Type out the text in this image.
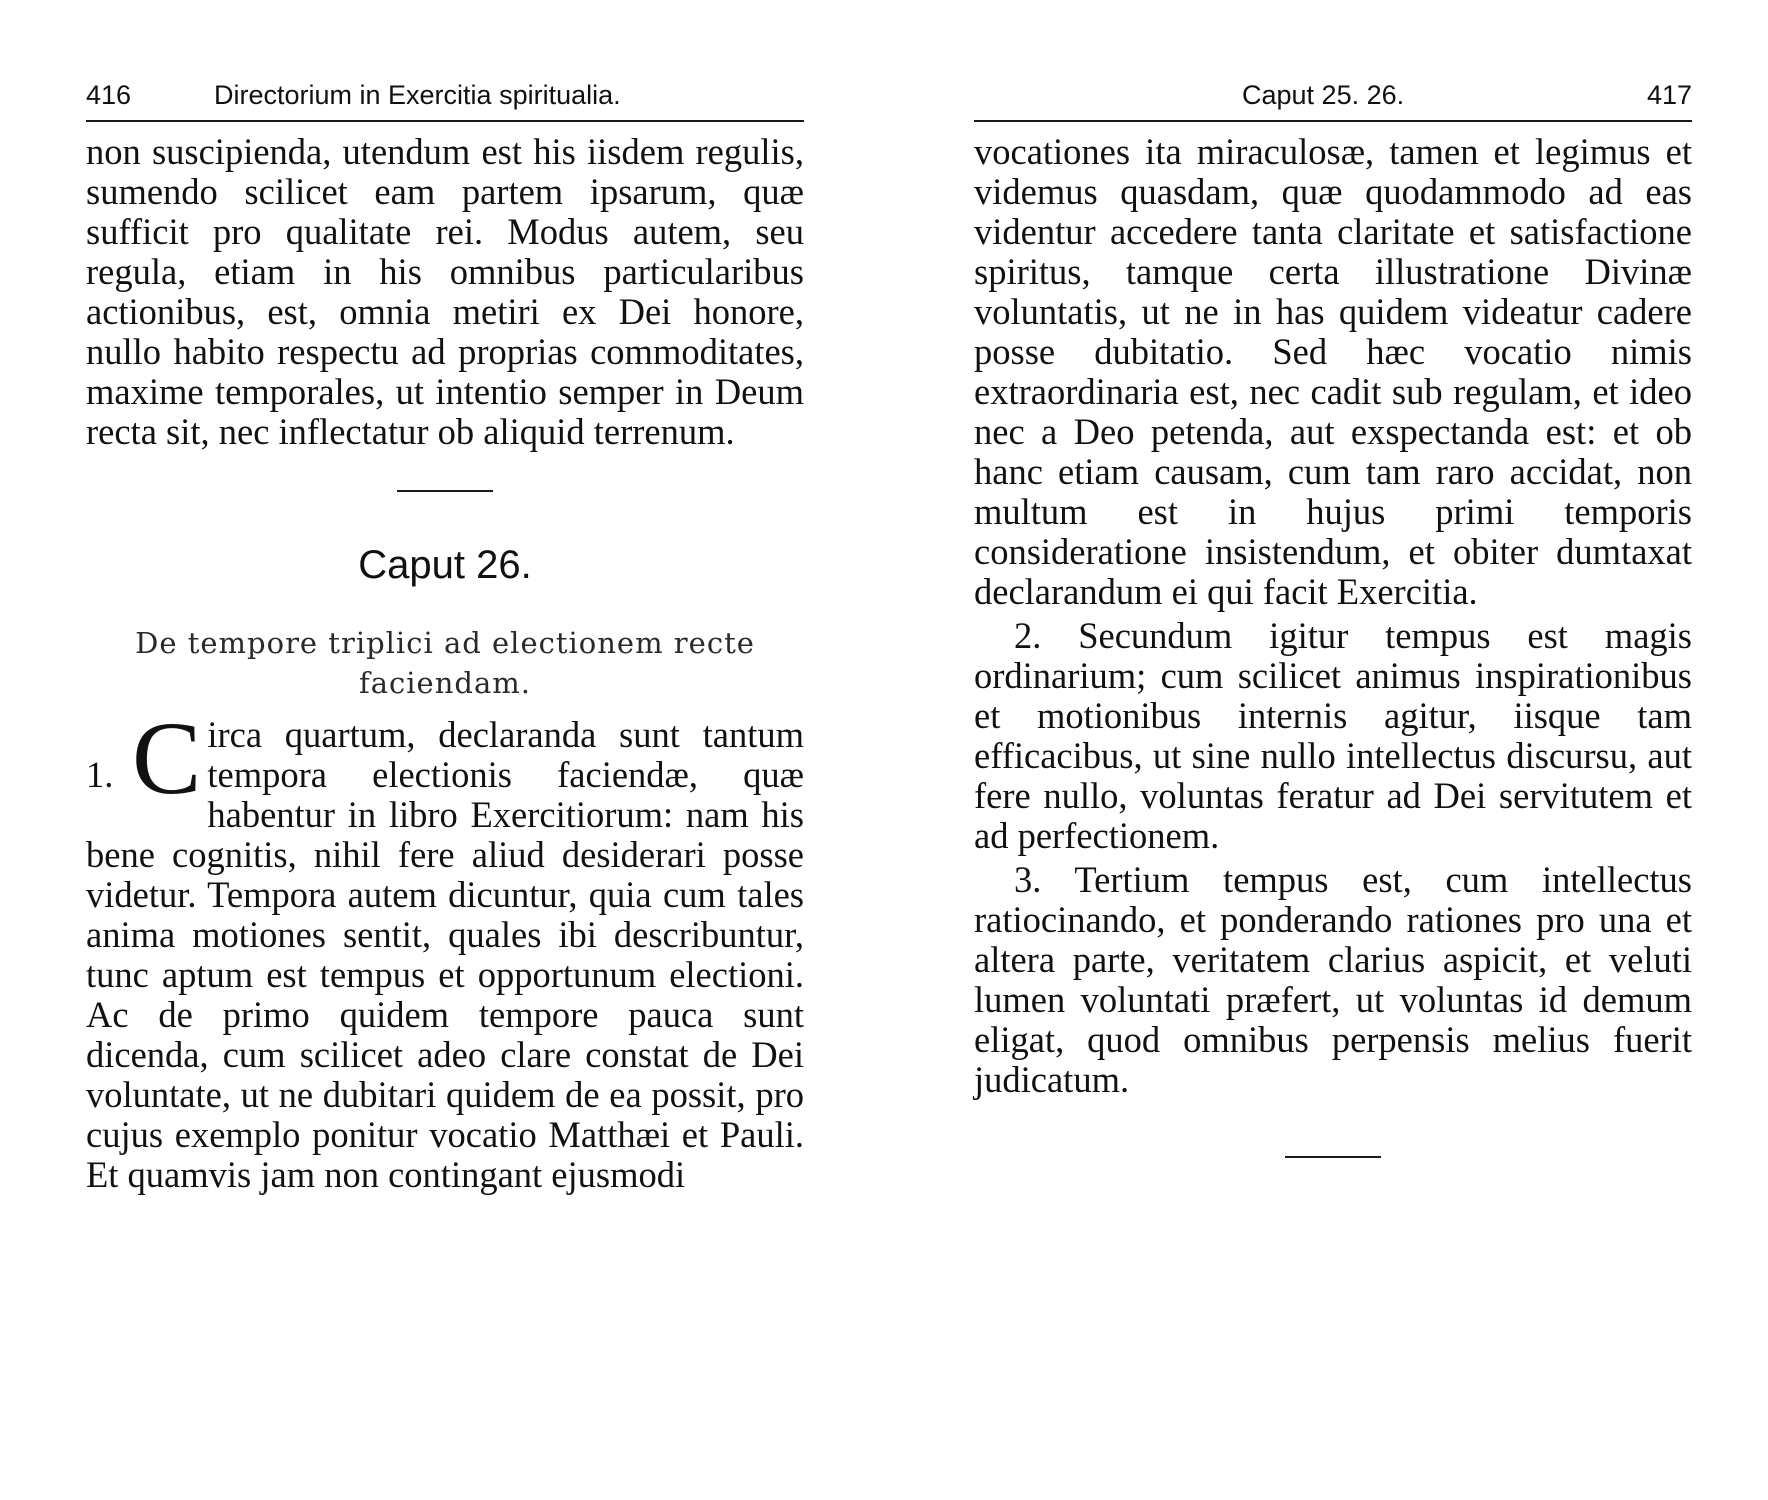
416	Directorium in Exercitia spiritualia.

non suscipienda, utendum est his iisdem regulis, sumendo scilicet eam partem ipsarum, quæ sufficit pro qualitate rei. Modus autem, seu regula, etiam in his omnibus particularibus actionibus, est, omnia metiri ex Dei honore, nullo habito respectu ad proprias commoditates, maxime temporales, ut intentio semper in Deum recta sit, nec inflectatur ob aliquid terrenum.

Caput 26.

De tempore triplici ad electionem recte faciendam.

1. C irca quartum, declaranda sunt tantum tempora electionis faciendæ, quæ habentur in libro Exercitiorum: nam his bene cognitis, nihil fere aliud desiderari posse videtur. Tempora autem dicuntur, quia cum tales anima motiones sentit, quales ibi describuntur, tunc aptum est tempus et opportunum electioni. Ac de primo quidem tempore pauca sunt dicenda, cum scilicet adeo clare constat de Dei voluntate, ut ne dubitari quidem de ea possit, pro cujus exemplo ponitur vocatio Matthæi et Pauli. Et quamvis jam non contingant ejusmodi
Caput 25. 26.	417

vocationes ita miraculosæ, tamen et legimus et videmus quasdam, quæ quodammodo ad eas videntur accedere tanta claritate et satisfactione spiritus, tamque certa illustratione Divinæ voluntatis, ut ne in has quidem videatur cadere posse dubitatio. Sed hæc vocatio nimis extraordinaria est, nec cadit sub regulam, et ideo nec a Deo petenda, aut exspectanda est: et ob hanc etiam causam, cum tam raro accidat, non multum est in hujus primi temporis consideratione insistendum, et obiter dumtaxat declarandum ei qui facit Exercitia.

2. Secundum igitur tempus est magis ordinarium; cum scilicet animus inspirationibus et motionibus internis agitur, iisque tam efficacibus, ut sine nullo intellectus discursu, aut fere nullo, voluntas feratur ad Dei servitutem et ad perfectionem.

3. Tertium tempus est, cum intellectus ratiocinando, et ponderando rationes pro una et altera parte, veritatem clarius aspicit, et veluti lumen voluntati præfert, ut voluntas id demum eligat, quod omnibus perpensis melius fuerit judicatum.
